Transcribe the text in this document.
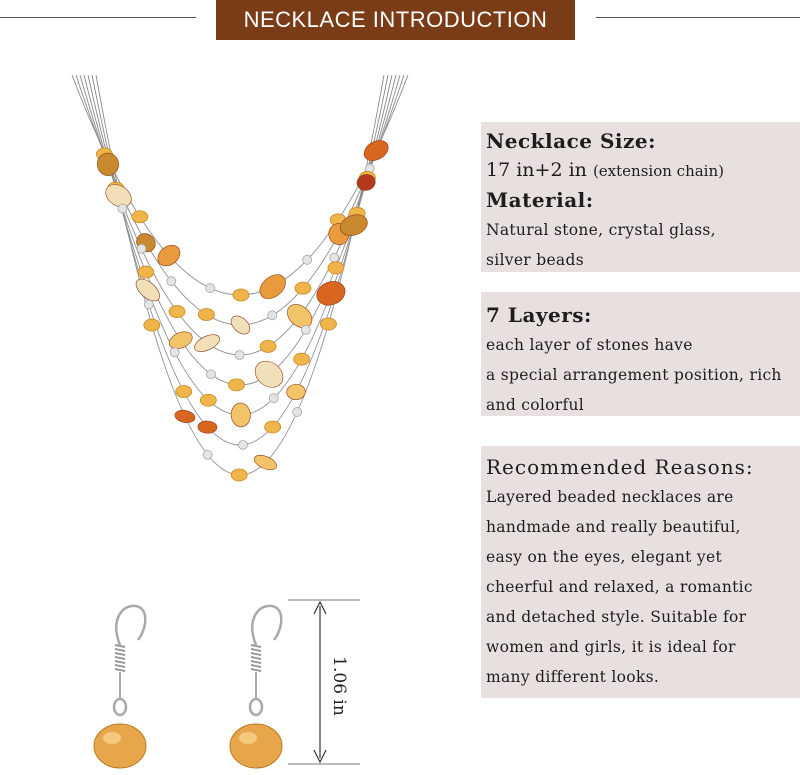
NECKLACE INTRODUCTION
1.06 in
Necklace Size:
17 in+2 in (extension chain)
Material:
Natural stone, crystal glass,
silver beads
7 Layers:
each layer of stones have
a special arrangement position, rich
and colorful
Recommended Reasons:
Layered beaded necklaces are
handmade and really beautiful,
easy on the eyes, elegant yet
cheerful and relaxed, a romantic
and detached style. Suitable for
women and girls, it is ideal for
many different looks.
